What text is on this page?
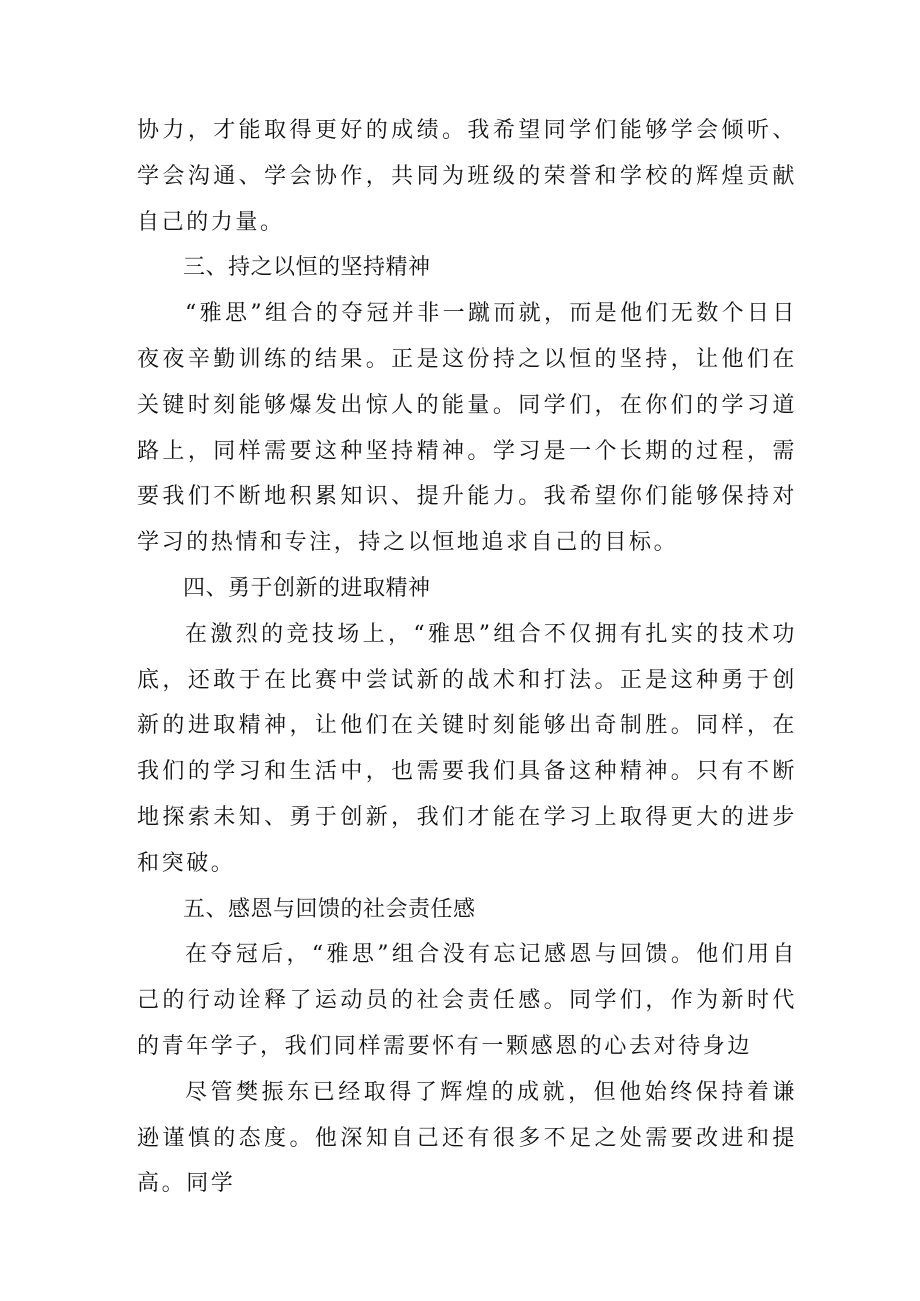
协力，才能取得更好的成绩。我希望同学们能够学会倾听、学会沟通、学会协作，共同为班级的荣誉和学校的辉煌贡献自己的力量。

三、持之以恒的坚持精神

“雅思”组合的夺冠并非一蹴而就，而是他们无数个日日夜夜辛勤训练的结果。正是这份持之以恒的坚持，让他们在关键时刻能够爆发出惊人的能量。同学们，在你们的学习道路上，同样需要这种坚持精神。学习是一个长期的过程，需要我们不断地积累知识、提升能力。我希望你们能够保持对学习的热情和专注，持之以恒地追求自己的目标。

四、勇于创新的进取精神

在激烈的竞技场上，“雅思”组合不仅拥有扎实的技术功底，还敢于在比赛中尝试新的战术和打法。正是这种勇于创新的进取精神，让他们在关键时刻能够出奇制胜。同样，在我们的学习和生活中，也需要我们具备这种精神。只有不断地探索未知、勇于创新，我们才能在学习上取得更大的进步和突破。

五、感恩与回馈的社会责任感

在夺冠后，“雅思”组合没有忘记感恩与回馈。他们用自己的行动诠释了运动员的社会责任感。同学们，作为新时代的青年学子，我们同样需要怀有一颗感恩的心去对待身边

尽管樊振东已经取得了辉煌的成就，但他始终保持着谦逊谨慎的态度。他深知自己还有很多不足之处需要改进和提高。同学
